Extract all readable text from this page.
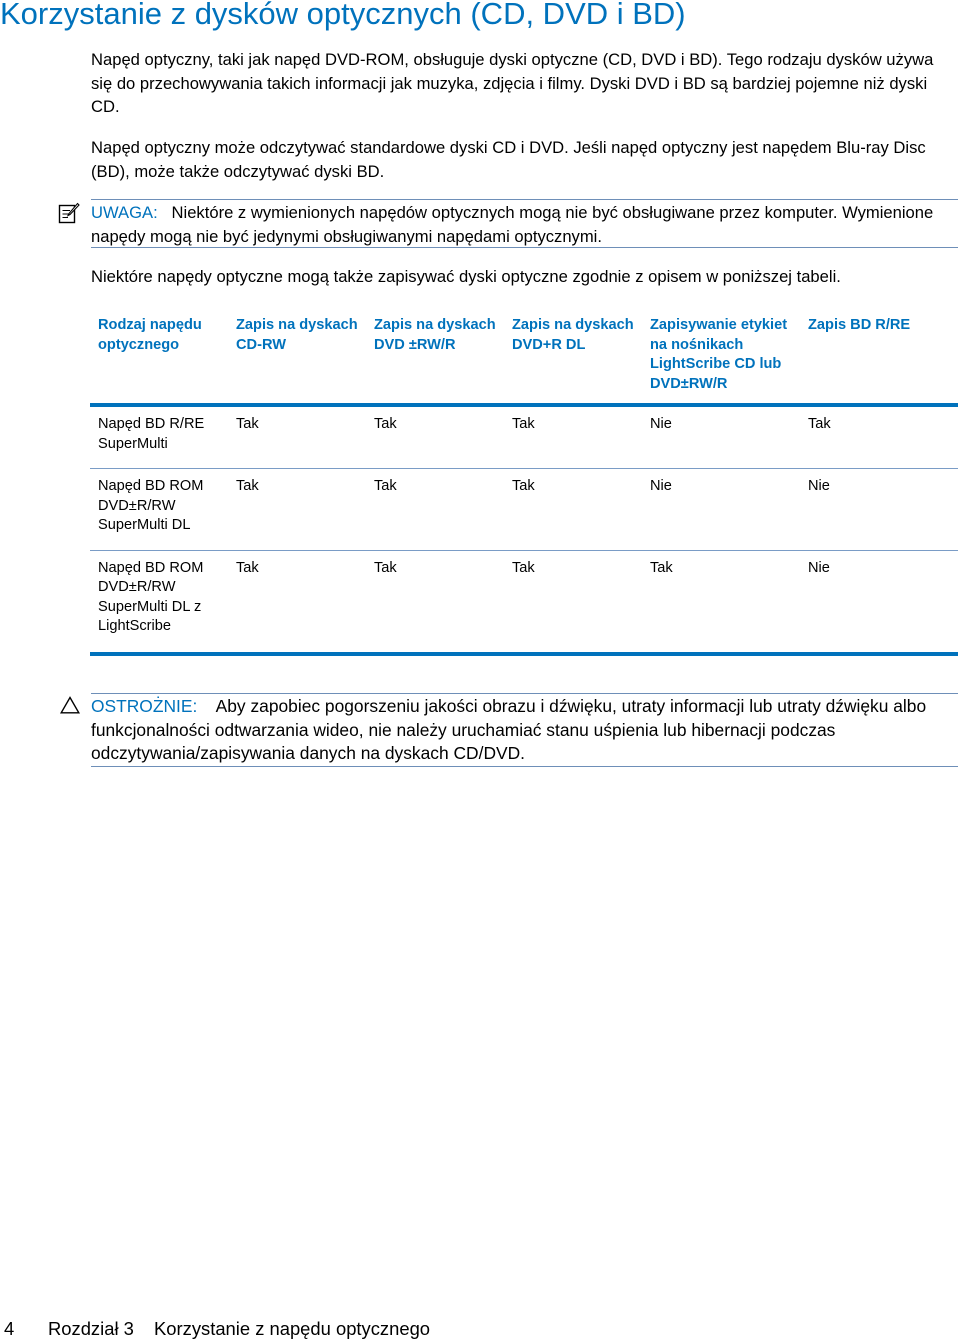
Korzystanie z dysków optycznych (CD, DVD i BD)

Napęd optyczny, taki jak napęd DVD-ROM, obsługuje dyski optyczne (CD, DVD i BD). Tego rodzaju dysków używa się do przechowywania takich informacji jak muzyka, zdjęcia i filmy. Dyski DVD i BD są bardziej pojemne niż dyski CD.

Napęd optyczny może odczytywać standardowe dyski CD i DVD. Jeśli napęd optyczny jest napędem Blu-ray Disc (BD), może także odczytywać dyski BD.

UWAGA: Niektóre z wymienionych napędów optycznych mogą nie być obsługiwane przez komputer. Wymienione napędy mogą nie być jedynymi obsługiwanymi napędami optycznymi.

Niektóre napędy optyczne mogą także zapisywać dyski optyczne zgodnie z opisem w poniższej tabeli.

Rodzaj napędu optycznego	Zapis na dyskach CD-RW	Zapis na dyskach DVD ±RW/R	Zapis na dyskach DVD+R DL	Zapisywanie etykiet na nośnikach LightScribe CD lub DVD±RW/R	Zapis BD R/RE
Napęd BD R/RE SuperMulti	Tak	Tak	Tak	Nie	Tak
Napęd BD ROM DVD±R/RW SuperMulti DL	Tak	Tak	Tak	Nie	Nie
Napęd BD ROM DVD±R/RW SuperMulti DL z LightScribe	Tak	Tak	Tak	Tak	Nie
OSTROŻNIE: Aby zapobiec pogorszeniu jakości obrazu i dźwięku, utraty informacji lub utraty dźwięku albo funkcjonalności odtwarzania wideo, nie należy uruchamiać stanu uśpienia lub hibernacji podczas odczytywania/zapisywania danych na dyskach CD/DVD.
4 Rozdział 3 Korzystanie z napędu optycznego
